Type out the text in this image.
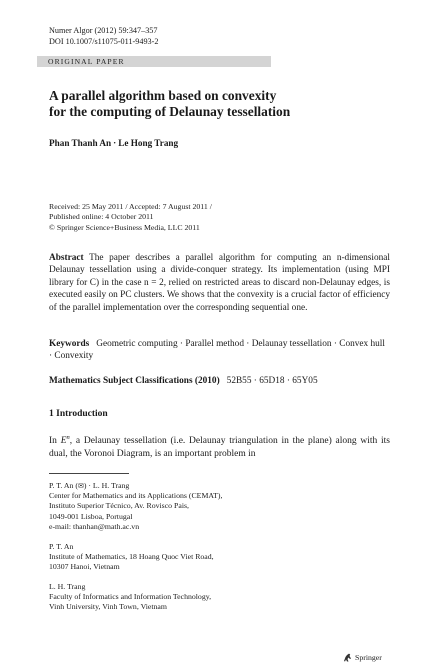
Numer Algor (2012) 59:347–357
DOI 10.1007/s11075-011-9493-2
ORIGINAL PAPER
A parallel algorithm based on convexity
for the computing of Delaunay tessellation
Phan Thanh An · Le Hong Trang
Received: 25 May 2011 / Accepted: 7 August 2011 /
Published online: 4 October 2011
© Springer Science+Business Media, LLC 2011
Abstract The paper describes a parallel algorithm for computing an n-dimensional Delaunay tessellation using a divide-conquer strategy. Its implementation (using MPI library for C) in the case n = 2, relied on restricted areas to discard non-Delaunay edges, is executed easily on PC clusters. We shows that the convexity is a crucial factor of efficiency of the parallel implementation over the corresponding sequential one.
Keywords Geometric computing · Parallel method · Delaunay tessellation · Convex hull · Convexity
Mathematics Subject Classifications (2010) 52B55 · 65D18 · 65Y05
1 Introduction
In $E^n$, a Delaunay tessellation (i.e. Delaunay triangulation in the plane) along with its dual, the Voronoi Diagram, is an important problem in
P. T. An (✉) · L. H. Trang
Center for Mathematics and its Applications (CEMAT),
Instituto Superior Técnico, Av. Rovisco Pais,
1049-001 Lisboa, Portugal
e-mail: thanhan@math.ac.vn
P. T. An
Institute of Mathematics, 18 Hoang Quoc Viet Road,
10307 Hanoi, Vietnam
L. H. Trang
Faculty of Informatics and Information Technology,
Vinh University, Vinh Town, Vietnam
Springer
